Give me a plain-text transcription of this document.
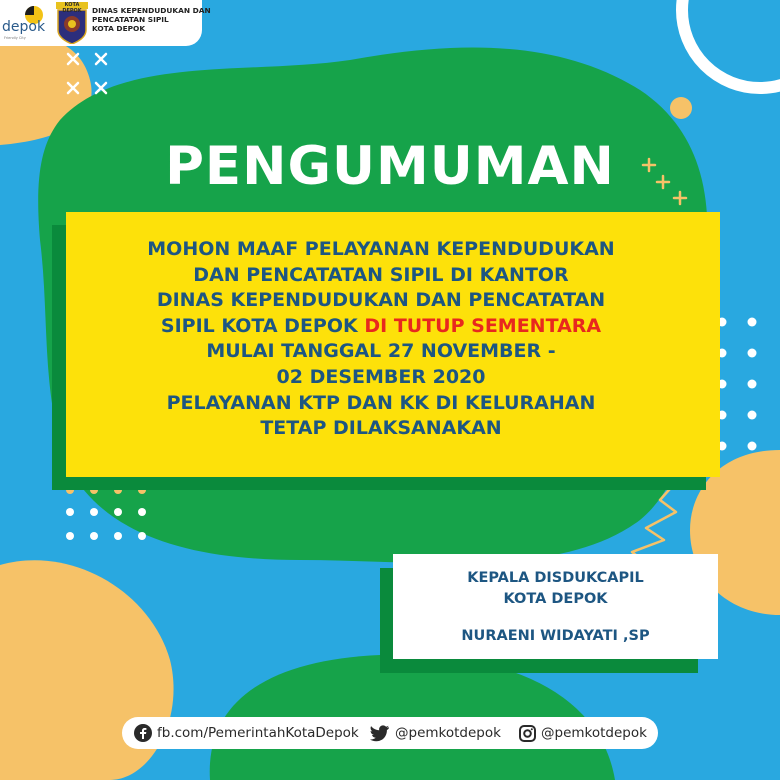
depok
Friendly City
KOTA DEPOK	DINAS KEPENDUDUKAN DAN
PENCATATAN SIPIL
KOTA DEPOK
PENGUMUMAN
MOHON MAAF PELAYANAN KEPENDUDUKAN
DAN PENCATATAN SIPIL DI KANTOR
DINAS KEPENDUDUKAN DAN PENCATATAN
SIPIL KOTA DEPOK DI TUTUP SEMENTARA
MULAI TANGGAL 27 NOVEMBER -
02 DESEMBER 2020
PELAYANAN KTP DAN KK DI KELURAHAN
TETAP DILAKSANAKAN
KEPALA DISDUKCAPIL
KOTA DEPOK
NURAENI WIDAYATI ,SP
fb.com/PemerintahKotaDepok	@pemkotdepok	@pemkotdepok
